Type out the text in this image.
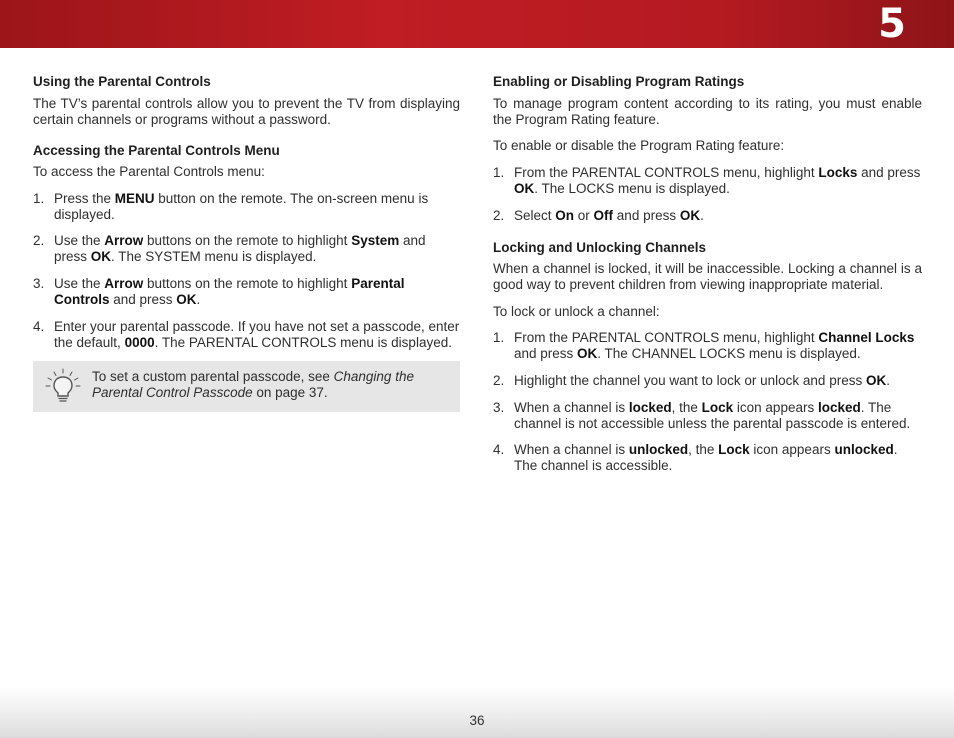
5
Using the Parental Controls

The TV’s parental controls allow you to prevent the TV from displaying certain channels or programs without a password.

Accessing the Parental Controls Menu

To access the Parental Controls menu:

1. Press the MENU button on the remote. The on-screen menu is displayed.
2. Use the Arrow buttons on the remote to highlight System and press OK. The SYSTEM menu is displayed.
3. Use the Arrow buttons on the remote to highlight Parental Controls and press OK.
4. Enter your parental passcode. If you have not set a passcode, enter the default, 0000. The PARENTAL CONTROLS menu is displayed.
To set a custom parental passcode, see Changing the Parental Control Passcode on page 37.
Enabling or Disabling Program Ratings

To manage program content according to its rating, you must enable the Program Rating feature.

To enable or disable the Program Rating feature:

1. From the PARENTAL CONTROLS menu, highlight Locks and press OK. The LOCKS menu is displayed.
2. Select On or Off and press OK.
Locking and Unlocking Channels

When a channel is locked, it will be inaccessible. Locking a channel is a good way to prevent children from viewing inappropriate material.

To lock or unlock a channel:

1. From the PARENTAL CONTROLS menu, highlight Channel Locks and press OK. The CHANNEL LOCKS menu is displayed.
2. Highlight the channel you want to lock or unlock and press OK.
3. When a channel is locked, the Lock icon appears locked. The channel is not accessible unless the parental passcode is entered.
4. When a channel is unlocked, the Lock icon appears unlocked. The channel is accessible.
36
